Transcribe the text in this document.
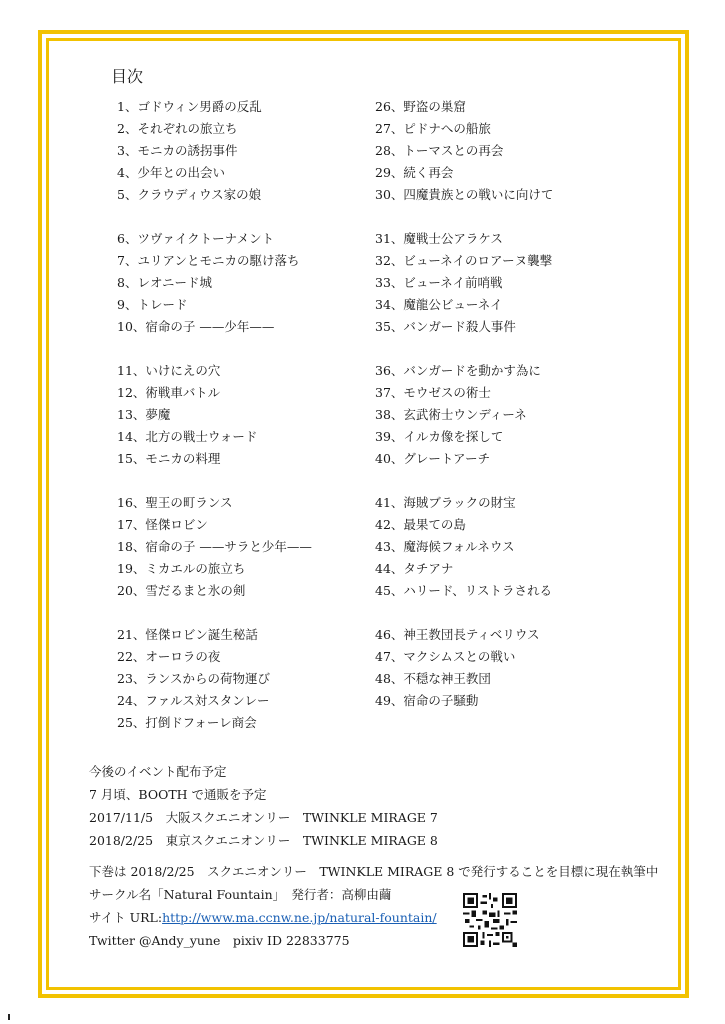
目次
1、ゴドウィン男爵の反乱
2、それぞれの旅立ち
3、モニカの誘拐事件
4、少年との出会い
5、クラウディウス家の娘
6、ツヴァイクトーナメント
7、ユリアンとモニカの駆け落ち
8、レオニード城
9、トレード
10、宿命の子 ——少年——
11、いけにえの穴
12、術戦車バトル
13、夢魔
14、北方の戦士ウォード
15、モニカの料理
16、聖王の町ランス
17、怪傑ロビン
18、宿命の子 ——サラと少年——
19、ミカエルの旅立ち
20、雪だるまと氷の剣
21、怪傑ロビン誕生秘話
22、オーロラの夜
23、ランスからの荷物運び
24、ファルス対スタンレー
25、打倒ドフォーレ商会
26、野盗の巣窟
27、ピドナへの船旅
28、トーマスとの再会
29、続く再会
30、四魔貴族との戦いに向けて
31、魔戦士公アラケス
32、ビューネイのロアーヌ襲撃
33、ビューネイ前哨戦
34、魔龍公ビューネイ
35、バンガード殺人事件
36、バンガードを動かす為に
37、モウゼスの術士
38、玄武術士ウンディーネ
39、イルカ像を探して
40、グレートアーチ
41、海賊ブラックの財宝
42、最果ての島
43、魔海候フォルネウス
44、タチアナ
45、ハリード、リストラされる
46、神王教団長ティベリウス
47、マクシムスとの戦い
48、不穏な神王教団
49、宿命の子騒動
今後のイベント配布予定
7 月頃、BOOTH で通販を予定
2017/11/5　大阪スクエニオンリー　TWINKLE MIRAGE 7
2018/2/25　東京スクエニオンリー　TWINKLE MIRAGE 8
下巻は 2018/2/25　スクエニオンリー　TWINKLE MIRAGE 8 で発行することを目標に現在執筆中
サークル名「Natural Fountain」　発行者：高柳由繭
サイト URL:http://www.ma.ccnw.ne.jp/natural-fountain/
Twitter @Andy_yune　pixiv ID 22833775
